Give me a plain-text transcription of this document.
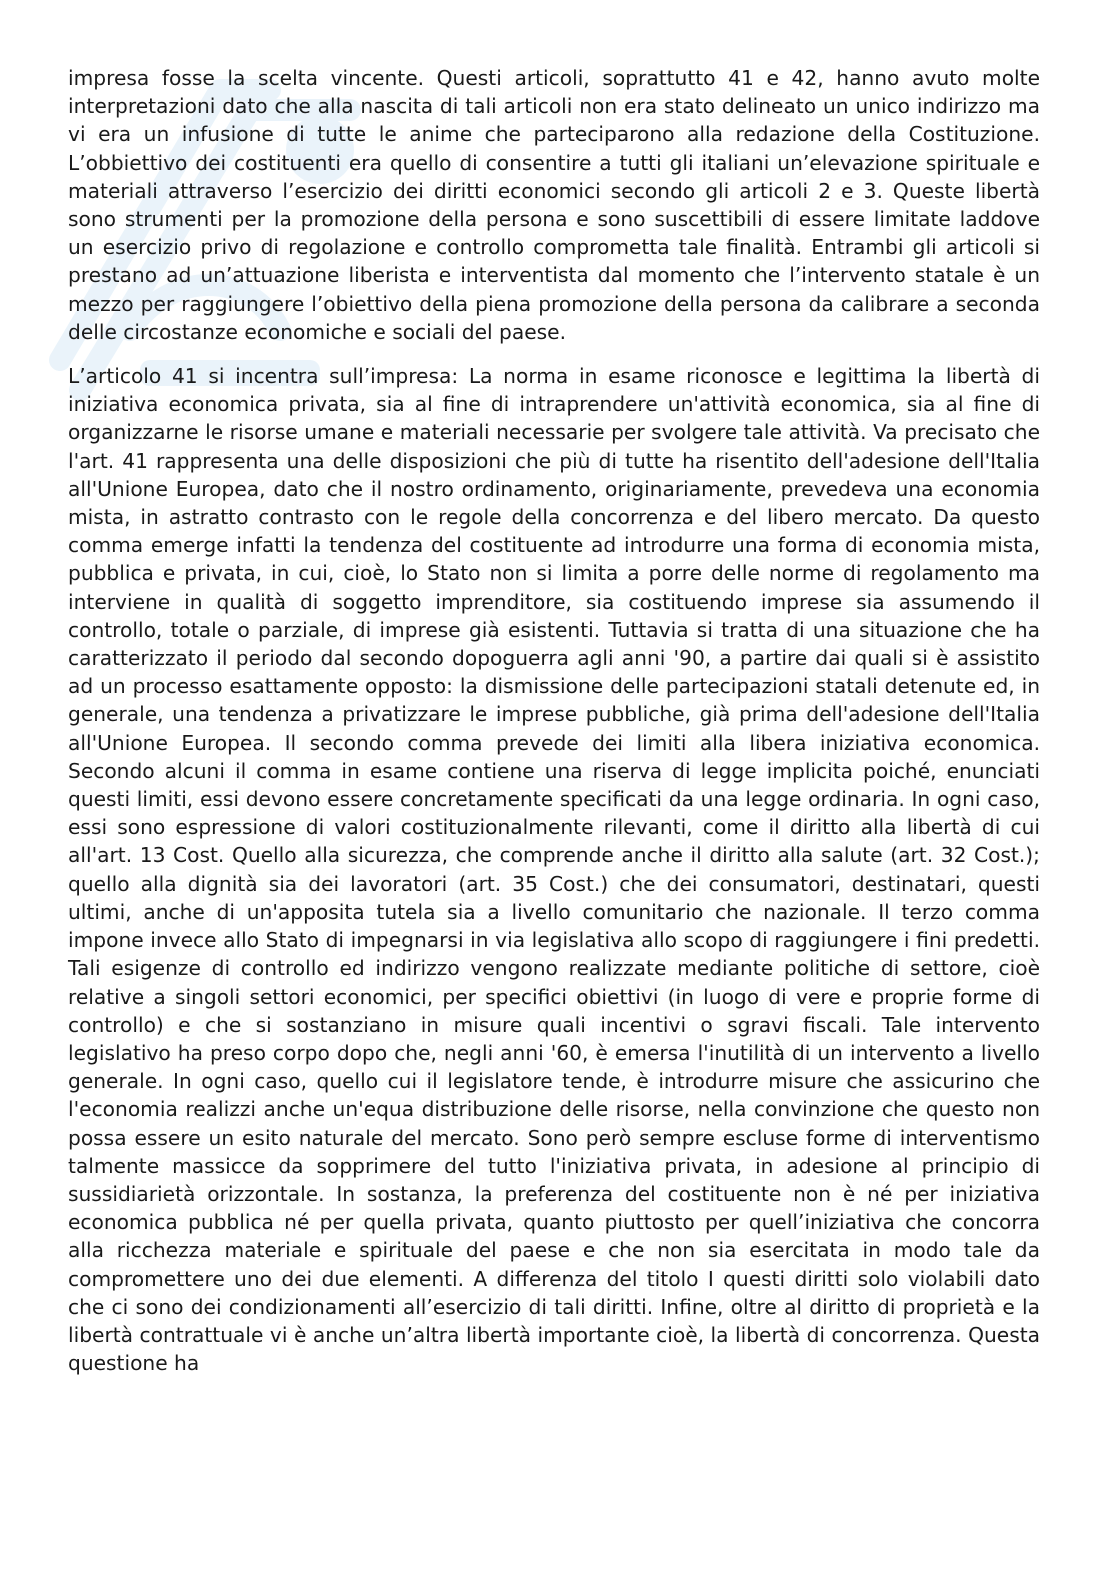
impresa fosse la scelta vincente. Questi articoli, soprattutto 41 e 42, hanno avuto molte interpretazioni dato che alla nascita di tali articoli non era stato delineato un unico indirizzo ma vi era un infusione di tutte le anime che parteciparono alla redazione della Costituzione. L’obbiettivo dei costituenti era quello di consentire a tutti gli italiani un’elevazione spirituale e materiali attraverso l’esercizio dei diritti economici secondo gli articoli 2 e 3. Queste libertà sono strumenti per la promozione della persona e sono suscettibili di essere limitate laddove un esercizio privo di regolazione e controllo comprometta tale finalità. Entrambi gli articoli si prestano ad un’attuazione liberista e interventista dal momento che l’intervento statale è un mezzo per raggiungere l’obiettivo della piena promozione della persona da calibrare a seconda delle circostanze economiche e sociali del paese.

L’articolo 41 si incentra sull’impresa: La norma in esame riconosce e legittima la libertà di iniziativa economica privata, sia al fine di intraprendere un'attività economica, sia al fine di organizzarne le risorse umane e materiali necessarie per svolgere tale attività. Va precisato che l'art. 41 rappresenta una delle disposizioni che più di tutte ha risentito dell'adesione dell'Italia all'Unione Europea, dato che il nostro ordinamento, originariamente, prevedeva una economia mista, in astratto contrasto con le regole della concorrenza e del libero mercato. Da questo comma emerge infatti la tendenza del costituente ad introdurre una forma di economia mista, pubblica e privata, in cui, cioè, lo Stato non si limita a porre delle norme di regolamento ma interviene in qualità di soggetto imprenditore, sia costituendo imprese sia assumendo il controllo, totale o parziale, di imprese già esistenti. Tuttavia si tratta di una situazione che ha caratterizzato il periodo dal secondo dopoguerra agli anni '90, a partire dai quali si è assistito ad un processo esattamente opposto: la dismissione delle partecipazioni statali detenute ed, in generale, una tendenza a privatizzare le imprese pubbliche, già prima dell'adesione dell'Italia all'Unione Europea. Il secondo comma prevede dei limiti alla libera iniziativa economica. Secondo alcuni il comma in esame contiene una riserva di legge implicita poiché, enunciati questi limiti, essi devono essere concretamente specificati da una legge ordinaria. In ogni caso, essi sono espressione di valori costituzionalmente rilevanti, come il diritto alla libertà di cui all'art. 13 Cost. Quello alla sicurezza, che comprende anche il diritto alla salute (art. 32 Cost.); quello alla dignità sia dei lavoratori (art. 35 Cost.) che dei consumatori, destinatari, questi ultimi, anche di un'apposita tutela sia a livello comunitario che nazionale. Il terzo comma impone invece allo Stato di impegnarsi in via legislativa allo scopo di raggiungere i fini predetti. Tali esigenze di controllo ed indirizzo vengono realizzate mediante politiche di settore, cioè relative a singoli settori economici, per specifici obiettivi (in luogo di vere e proprie forme di controllo) e che si sostanziano in misure quali incentivi o sgravi fiscali. Tale intervento legislativo ha preso corpo dopo che, negli anni '60, è emersa l'inutilità di un intervento a livello generale. In ogni caso, quello cui il legislatore tende, è introdurre misure che assicurino che l'economia realizzi anche un'equa distribuzione delle risorse, nella convinzione che questo non possa essere un esito naturale del mercato. Sono però sempre escluse forme di interventismo talmente massicce da sopprimere del tutto l'iniziativa privata, in adesione al principio di sussidiarietà orizzontale. In sostanza, la preferenza del costituente non è né per iniziativa economica pubblica né per quella privata, quanto piuttosto per quell’iniziativa che concorra alla ricchezza materiale e spirituale del paese e che non sia esercitata in modo tale da compromettere uno dei due elementi. A differenza del titolo I questi diritti solo violabili dato che ci sono dei condizionamenti all’esercizio di tali diritti. Infine, oltre al diritto di proprietà e la libertà contrattuale vi è anche un’altra libertà importante cioè, la libertà di concorrenza. Questa questione ha
